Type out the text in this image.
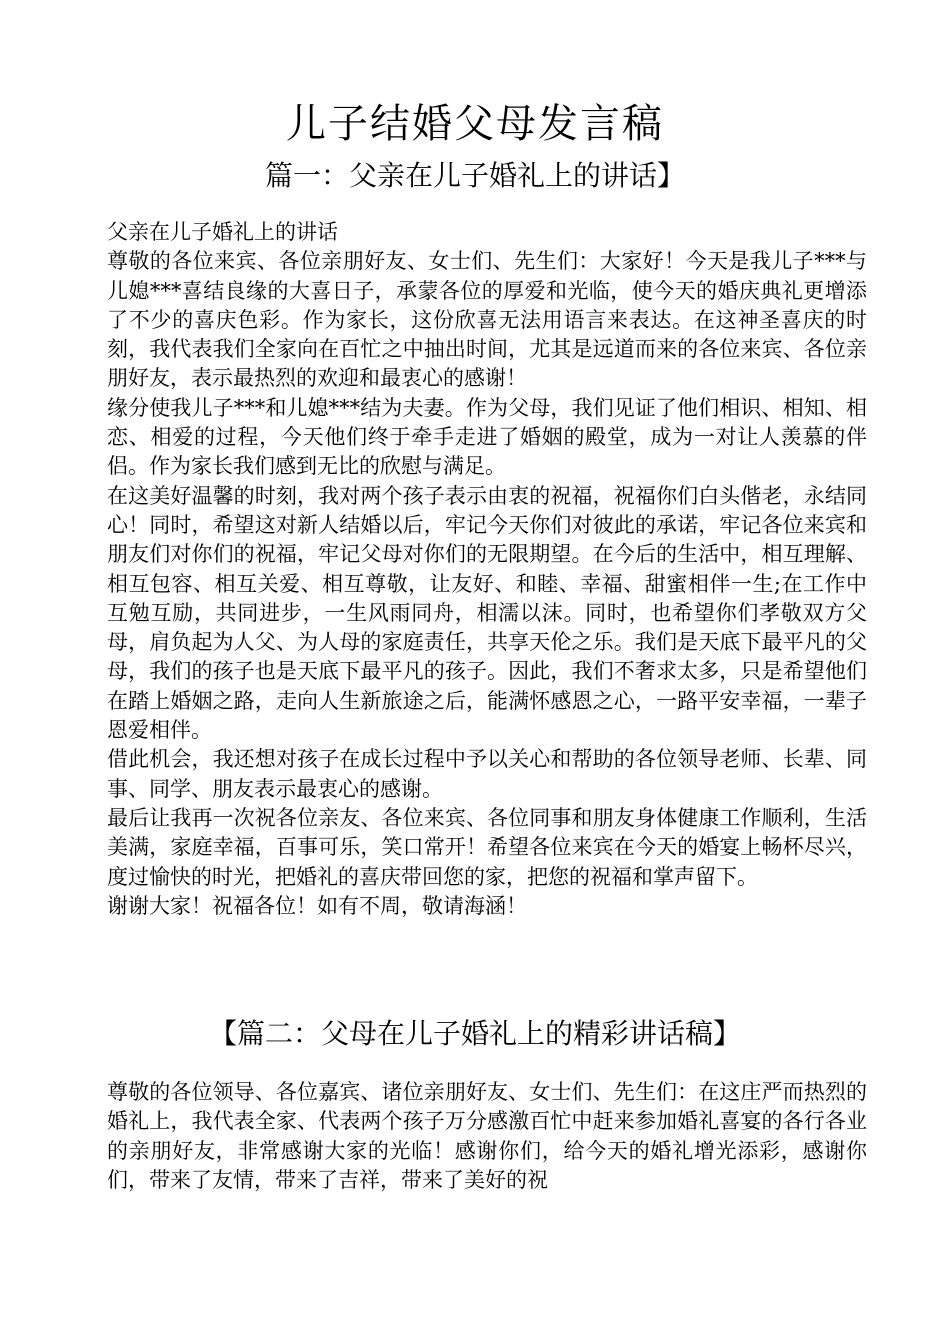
儿子结婚父母发言稿
篇一：父亲在儿子婚礼上的讲话】

父亲在儿子婚礼上的讲话

尊敬的各位来宾、各位亲朋好友、女士们、先生们：大家好！今天是我儿子***与儿媳***喜结良缘的大喜日子，承蒙各位的厚爱和光临，使今天的婚庆典礼更增添了不少的喜庆色彩。作为家长，这份欣喜无法用语言来表达。在这神圣喜庆的时刻，我代表我们全家向在百忙之中抽出时间，尤其是远道而来的各位来宾、各位亲朋好友，表示最热烈的欢迎和最衷心的感谢！

缘分使我儿子***和儿媳***结为夫妻。作为父母，我们见证了他们相识、相知、相恋、相爱的过程，今天他们终于牵手走进了婚姻的殿堂，成为一对让人羡慕的伴侣。作为家长我们感到无比的欣慰与满足。

在这美好温馨的时刻，我对两个孩子表示由衷的祝福，祝福你们白头偕老，永结同心！同时，希望这对新人结婚以后，牢记今天你们对彼此的承诺，牢记各位来宾和朋友们对你们的祝福，牢记父母对你们的无限期望。在今后的生活中，相互理解、相互包容、相互关爱、相互尊敬，让友好、和睦、幸福、甜蜜相伴一生;在工作中互勉互励，共同进步，一生风雨同舟，相濡以沫。同时，也希望你们孝敬双方父母，肩负起为人父、为人母的家庭责任，共享天伦之乐。我们是天底下最平凡的父母，我们的孩子也是天底下最平凡的孩子。因此，我们不奢求太多，只是希望他们在踏上婚姻之路，走向人生新旅途之后，能满怀感恩之心，一路平安幸福，一辈子恩爱相伴。

借此机会，我还想对孩子在成长过程中予以关心和帮助的各位领导老师、长辈、同事、同学、朋友表示最衷心的感谢。

最后让我再一次祝各位亲友、各位来宾、各位同事和朋友身体健康工作顺利，生活美满，家庭幸福，百事可乐，笑口常开！希望各位来宾在今天的婚宴上畅杯尽兴，度过愉快的时光，把婚礼的喜庆带回您的家，把您的祝福和掌声留下。

谢谢大家！祝福各位！如有不周，敬请海涵！

【篇二：父母在儿子婚礼上的精彩讲话稿】

尊敬的各位领导、各位嘉宾、诸位亲朋好友、女士们、先生们：在这庄严而热烈的婚礼上，我代表全家、代表两个孩子万分感激百忙中赶来参加婚礼喜宴的各行各业的亲朋好友，非常感谢大家的光临！感谢你们，给今天的婚礼增光添彩，感谢你们，带来了友情，带来了吉祥，带来了美好的祝
